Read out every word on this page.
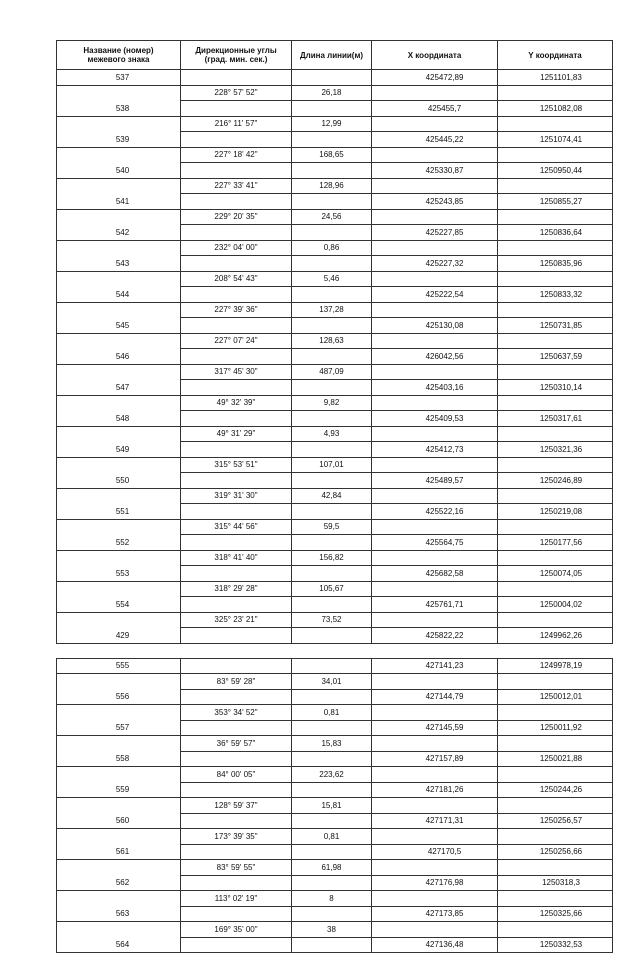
Название (номер)
межевого знака	Дирекционные углы
(град. мин. сек.)	Длина линии(м)	X координата	Y координата
537			425472,89	1251101,83
	228° 57' 52"	26,18		
538			425455,7	1251082,08
	216° 11' 57"	12,99		
539			425445,22	1251074,41
	227° 18' 42"	168,65		
540			425330,87	1250950,44
	227° 33' 41"	128,96		
541			425243,85	1250855,27
	229° 20' 35"	24,56		
542			425227,85	1250836,64
	232° 04' 00"	0,86		
543			425227,32	1250835,96
	208° 54' 43"	5,46		
544			425222,54	1250833,32
	227° 39' 36"	137,28		
545			425130,08	1250731,85
	227° 07' 24"	128,63		
546			426042,56	1250637,59
	317° 45' 30"	487,09		
547			425403,16	1250310,14
	49° 32' 39"	9,82		
548			425409,53	1250317,61
	49° 31' 29"	4,93		
549			425412,73	1250321,36
	315° 53' 51"	107,01		
550			425489,57	1250246,89
	319° 31' 30"	42,84		
551			425522,16	1250219,08
	315° 44' 56"	59,5		
552			425564,75	1250177,56
	318° 41' 40"	156,82		
553			425682,58	1250074,05
	318° 29' 28"	105,67		
554			425761,71	1250004,02
	325° 23' 21"	73,52		
429			425822,22	1249962,26

555			427141,23	1249978,19
	83° 59' 28"	34,01		
556			427144,79	1250012,01
	353° 34' 52"	0,81		
557			427145,59	1250011,92
	36° 59' 57"	15,83		
558			427157,89	1250021,88
	84° 00' 05"	223,62		
559			427181,26	1250244,26
	128° 59' 37"	15,81		
560			427171,31	1250256,57
	173° 39' 35"	0,81		
561			427170,5	1250256,66
	83° 59' 55"	61,98		
562			427176,98	1250318,3
	113° 02' 19"	8		
563			427173,85	1250325,66
	169° 35' 00"	38		
564			427136,48	1250332,53
